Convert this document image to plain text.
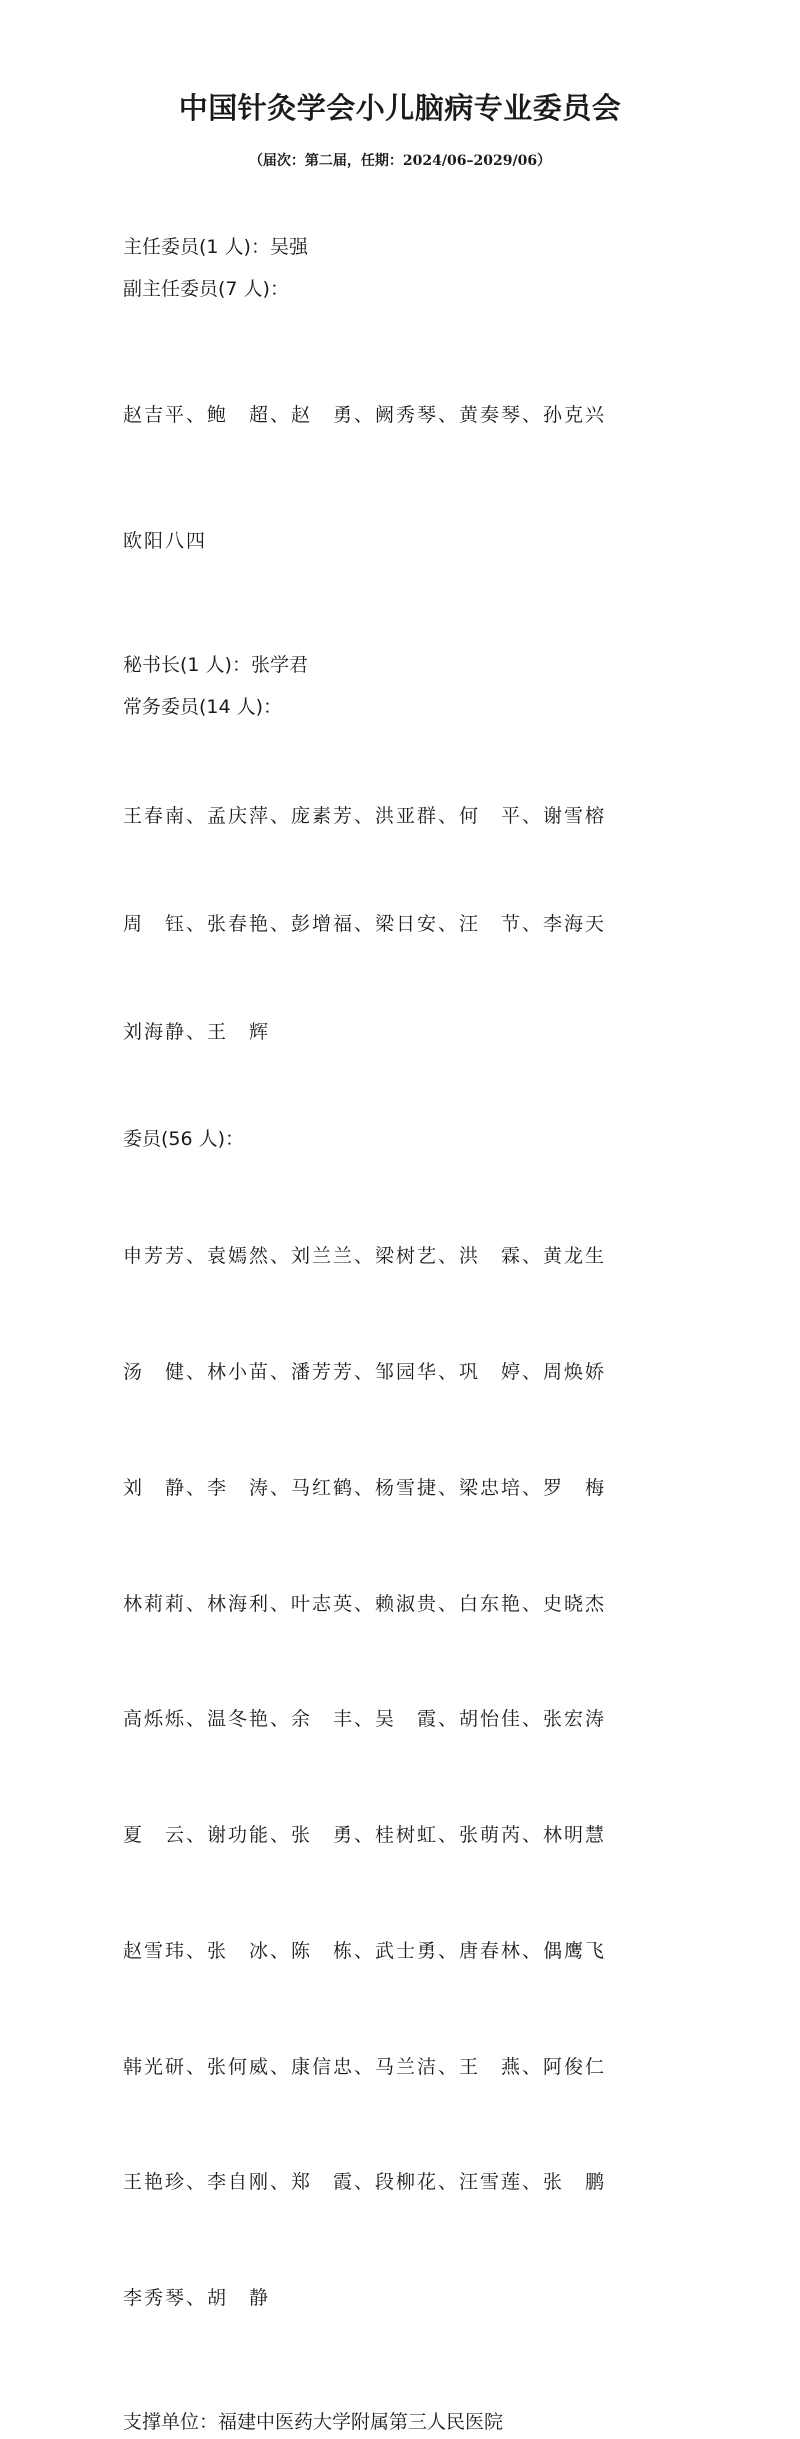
中国针灸学会小儿脑病专业委员会

（届次：第二届，任期：2024/06–2029/06）

主任委员(1 人)：吴强
副主任委员(7 人)：

赵吉平、鲍　超、赵　勇、阙秀琴、黄奏琴、孙克兴

欧阳八四

秘书长(1 人)：张学君
常务委员(14 人)：

王春南、孟庆萍、庞素芳、洪亚群、何　平、谢雪榕

周　钰、张春艳、彭增福、梁日安、汪　节、李海天

刘海静、王　辉

委员(56 人)：

申芳芳、袁嫣然、刘兰兰、梁树艺、洪　霖、黄龙生

汤　健、林小苗、潘芳芳、邹园华、巩　婷、周焕娇

刘　静、李　涛、马红鹤、杨雪捷、梁忠培、罗　梅

林莉莉、林海利、叶志英、赖淑贵、白东艳、史晓杰

高烁烁、温冬艳、余　丰、吴　霞、胡怡佳、张宏涛

夏　云、谢功能、张　勇、桂树虹、张萌芮、林明慧

赵雪玮、张　冰、陈　栋、武士勇、唐春林、偶鹰飞

韩光研、张何威、康信忠、马兰洁、王　燕、阿俊仁

王艳珍、李自刚、郑　霞、段柳花、汪雪莲、张　鹏

李秀琴、胡　静

支撑单位：福建中医药大学附属第三人民医院
